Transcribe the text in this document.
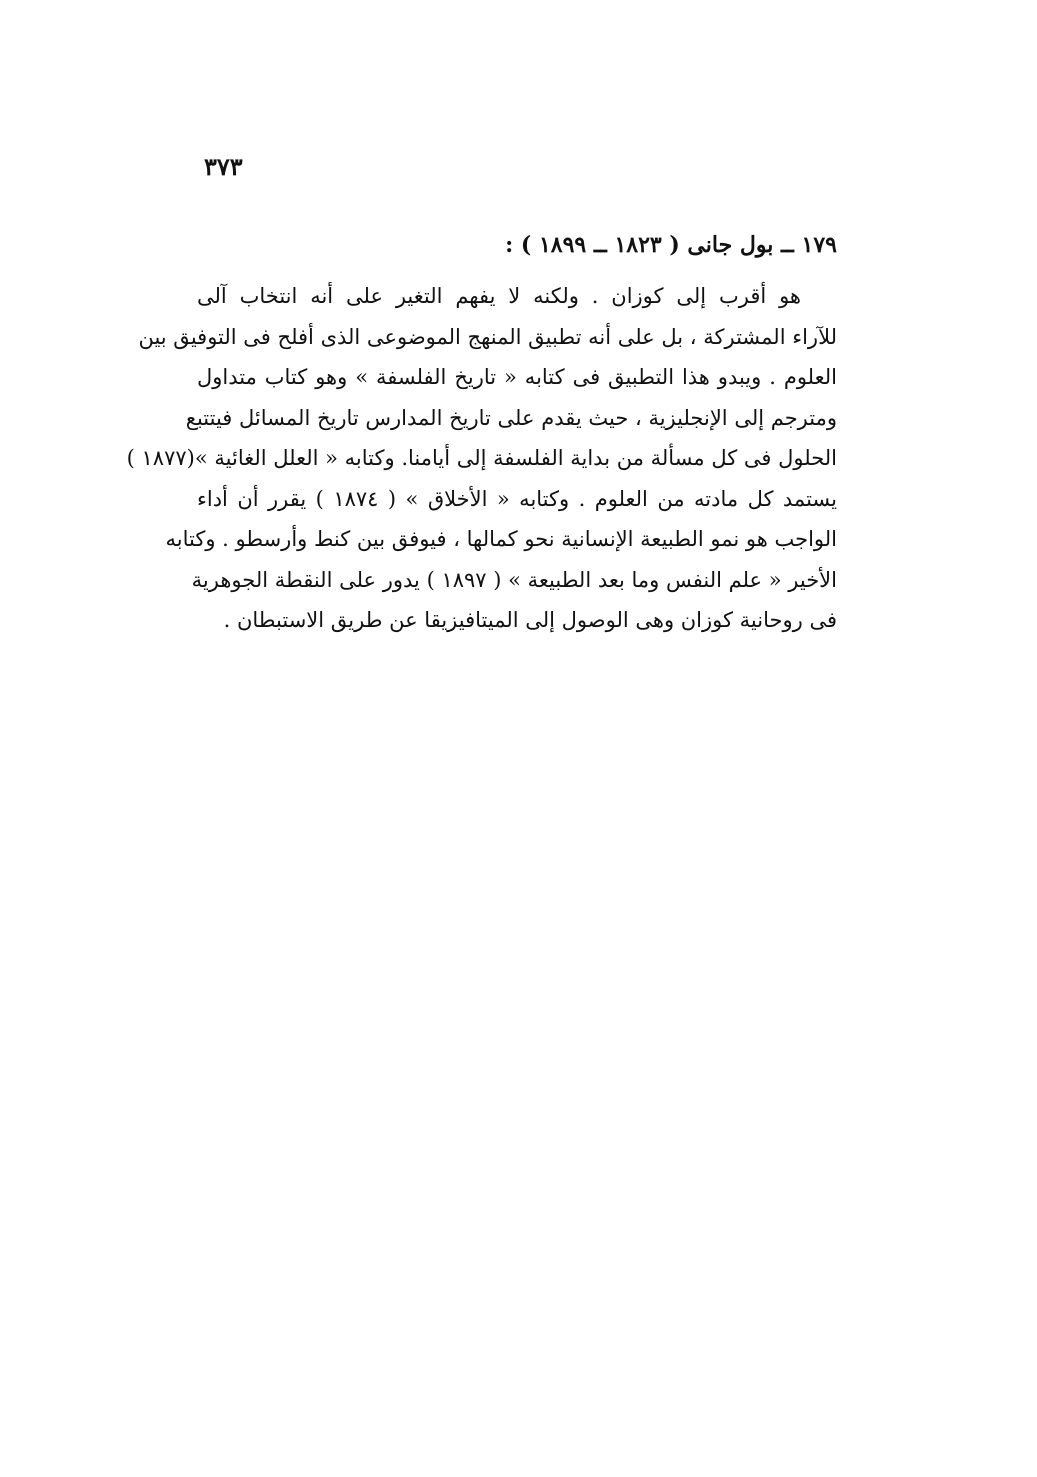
٣٧٣
١٧٩ ــ بول جانى ( ١٨٢٣ ــ ١٨٩٩ ) :
هو أقرب إلى كوزان . ولكنه لا يفهم التغير على أنه انتخاب آلى
للآراء المشتركة ، بل على أنه تطبيق المنهج الموضوعى الذى أفلح فى التوفيق بين
العلوم . ويبدو هذا التطبيق فى كتابه « تاريخ الفلسفة » وهو كتاب متداول
ومترجم إلى الإنجليزية ، حيث يقدم على تاريخ المدارس تاريخ المسائل فيتتبع
الحلول فى كل مسألة من بداية الفلسفة إلى أيامنا. وكتابه « العلل الغائية »(١٨٧٧ )
يستمد كل مادته من العلوم . وكتابه « الأخلاق » ( ١٨٧٤ ) يقرر أن أداء
الواجب هو نمو الطبيعة الإنسانية نحو كمالها ، فيوفق بين كنط وأرسطو . وكتابه
الأخير « علم النفس وما بعد الطبيعة » ( ١٨٩٧ ) يدور على النقطة الجوهرية
فى روحانية كوزان وهى الوصول إلى الميتافيزيقا عن طريق الاستبطان .
